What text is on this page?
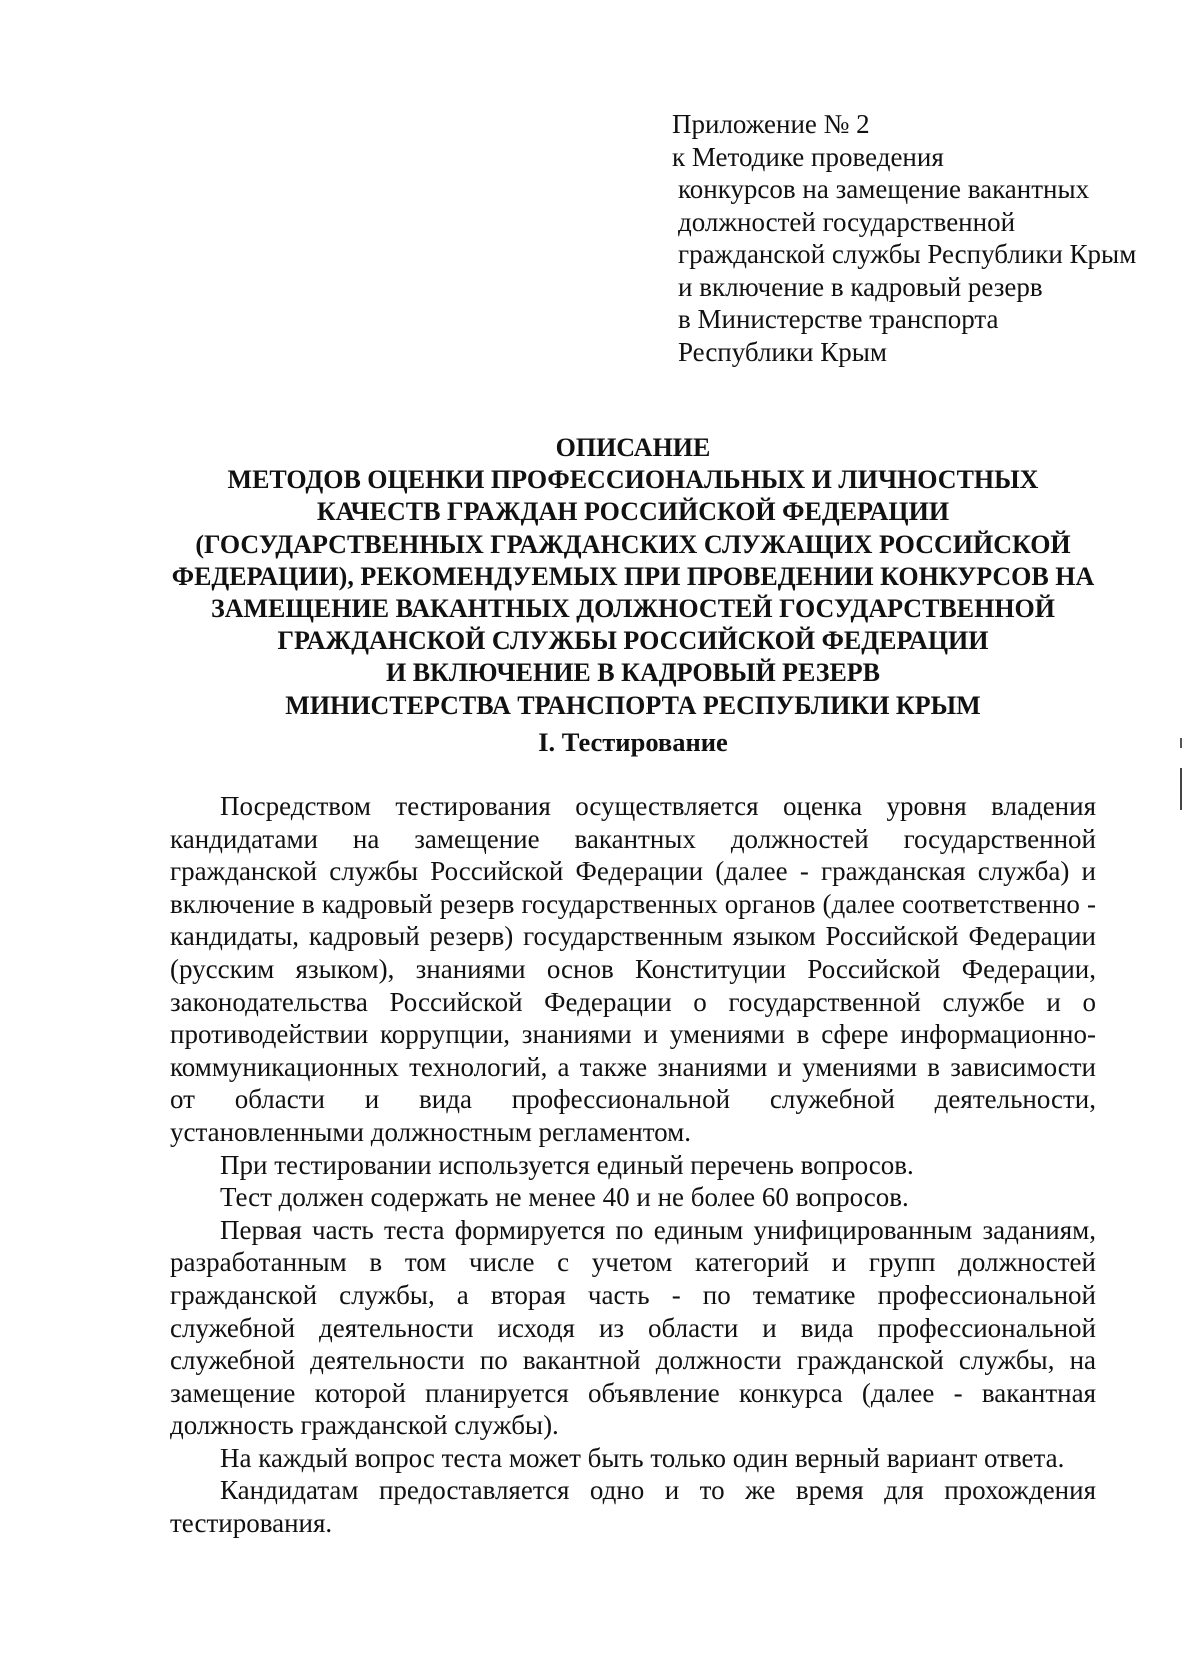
Приложение № 2
к Методике проведения
конкурсов на замещение вакантных
должностей государственной
гражданской службы Республики Крым
и включение в кадровый резерв
в Министерстве транспорта
Республики Крым
ОПИСАНИЕ
МЕТОДОВ ОЦЕНКИ ПРОФЕССИОНАЛЬНЫХ И ЛИЧНОСТНЫХ
КАЧЕСТВ ГРАЖДАН РОССИЙСКОЙ ФЕДЕРАЦИИ
(ГОСУДАРСТВЕННЫХ ГРАЖДАНСКИХ СЛУЖАЩИХ РОССИЙСКОЙ
ФЕДЕРАЦИИ), РЕКОМЕНДУЕМЫХ ПРИ ПРОВЕДЕНИИ КОНКУРСОВ НА
ЗАМЕЩЕНИЕ ВАКАНТНЫХ ДОЛЖНОСТЕЙ ГОСУДАРСТВЕННОЙ
ГРАЖДАНСКОЙ СЛУЖБЫ РОССИЙСКОЙ ФЕДЕРАЦИИ
И ВКЛЮЧЕНИЕ В КАДРОВЫЙ РЕЗЕРВ
МИНИСТЕРСТВА ТРАНСПОРТА РЕСПУБЛИКИ КРЫМ
I. Тестирование

Посредством тестирования осуществляется оценка уровня владения кандидатами на замещение вакантных должностей государственной гражданской службы Российской Федерации (далее - гражданская служба) и включение в кадровый резерв государственных органов (далее соответственно - кандидаты, кадровый резерв) государственным языком Российской Федерации (русским языком), знаниями основ Конституции Российской Федерации, законодательства Российской Федерации о государственной службе и о противодействии коррупции, знаниями и умениями в сфере информационно-коммуникационных технологий, а также знаниями и умениями в зависимости от области и вида профессиональной служебной деятельности, установленными должностным регламентом.

При тестировании используется единый перечень вопросов.

Тест должен содержать не менее 40 и не более 60 вопросов.

Первая часть теста формируется по единым унифицированным заданиям, разработанным в том числе с учетом категорий и групп должностей гражданской службы, а вторая часть - по тематике профессиональной служебной деятельности исходя из области и вида профессиональной служебной деятельности по вакантной должности гражданской службы, на замещение которой планируется объявление конкурса (далее - вакантная должность гражданской службы).

На каждый вопрос теста может быть только один верный вариант ответа.

Кандидатам предоставляется одно и то же время для прохождения тестирования.
